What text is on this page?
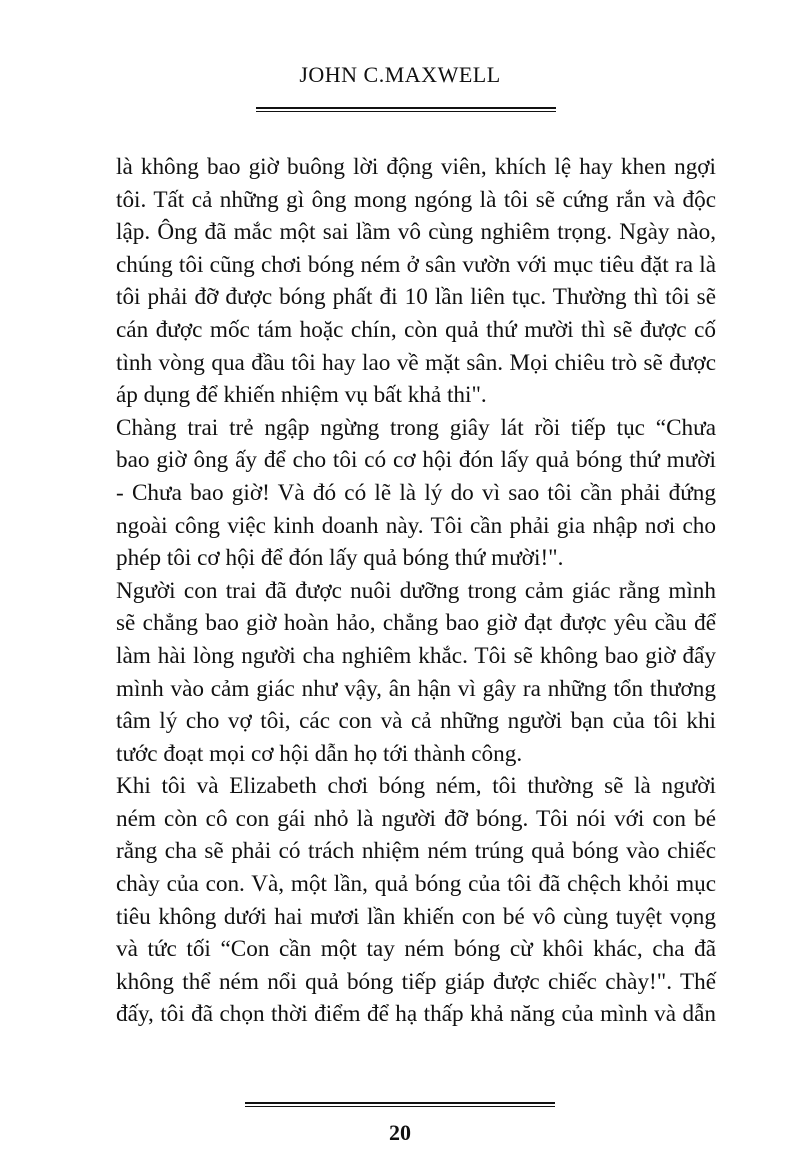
JOHN C.MAXWELL
là không bao giờ buông lời động viên, khích lệ hay khen ngợi
tôi. Tất cả những gì ông mong ngóng là tôi sẽ cứng rắn và độc
lập. Ông đã mắc một sai lầm vô cùng nghiêm trọng. Ngày nào,
chúng tôi cũng chơi bóng ném ở sân vườn với mục tiêu đặt ra là
tôi phải đỡ được bóng phất đi 10 lần liên tục. Thường thì tôi sẽ
cán được mốc tám hoặc chín, còn quả thứ mười thì sẽ được cố
tình vòng qua đầu tôi hay lao về mặt sân. Mọi chiêu trò sẽ được
áp dụng để khiến nhiệm vụ bất khả thi".
Chàng trai trẻ ngập ngừng trong giây lát rồi tiếp tục “Chưa
bao giờ ông ấy để cho tôi có cơ hội đón lấy quả bóng thứ mười
- Chưa bao giờ! Và đó có lẽ là lý do vì sao tôi cần phải đứng
ngoài công việc kinh doanh này. Tôi cần phải gia nhập nơi cho
phép tôi cơ hội để đón lấy quả bóng thứ mười!".
Người con trai đã được nuôi dưỡng trong cảm giác rằng mình
sẽ chẳng bao giờ hoàn hảo, chẳng bao giờ đạt được yêu cầu để
làm hài lòng người cha nghiêm khắc. Tôi sẽ không bao giờ đẩy
mình vào cảm giác như vậy, ân hận vì gây ra những tổn thương
tâm lý cho vợ tôi, các con và cả những người bạn của tôi khi
tước đoạt mọi cơ hội dẫn họ tới thành công.
Khi tôi và Elizabeth chơi bóng ném, tôi thường sẽ là người
ném còn cô con gái nhỏ là người đỡ bóng. Tôi nói với con bé
rằng cha sẽ phải có trách nhiệm ném trúng quả bóng vào chiếc
chày của con. Và, một lần, quả bóng của tôi đã chệch khỏi mục
tiêu không dưới hai mươi lần khiến con bé vô cùng tuyệt vọng
và tức tối “Con cần một tay ném bóng cừ khôi khác, cha đã
không thể ném nổi quả bóng tiếp giáp được chiếc chày!". Thế
đấy, tôi đã chọn thời điểm để hạ thấp khả năng của mình và dẫn
20
